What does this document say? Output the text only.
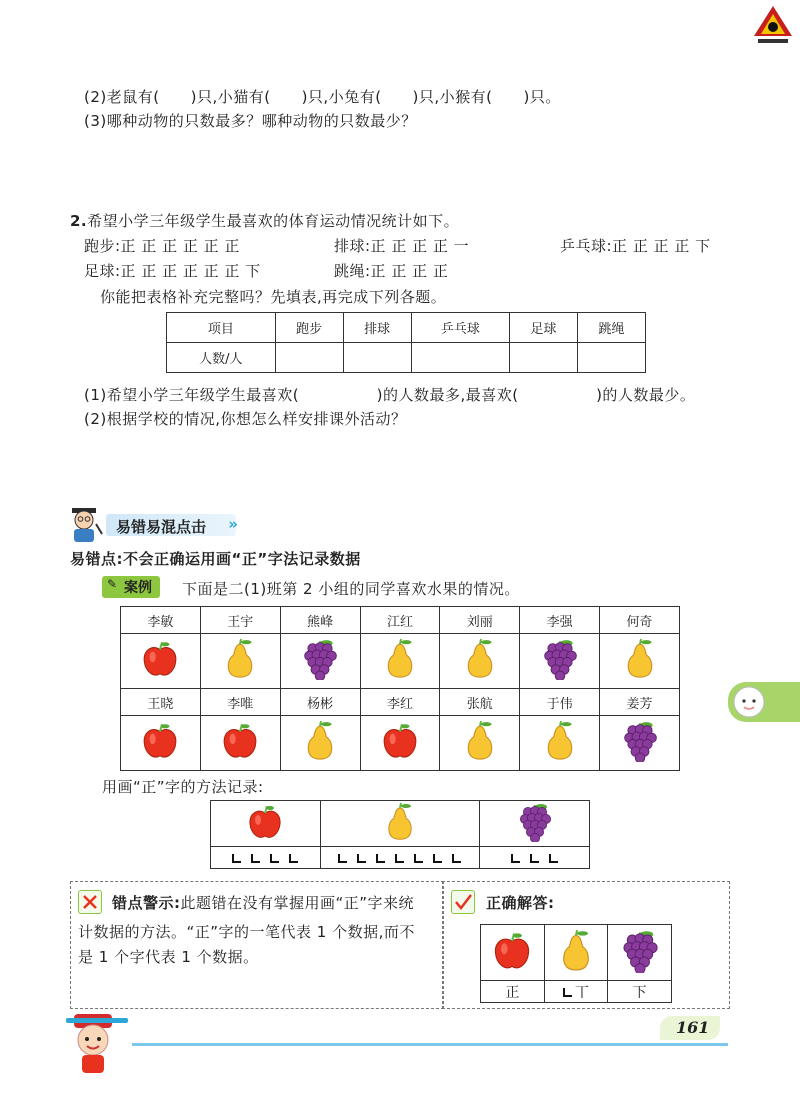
(2)老鼠有(　　)只,小猫有(　　)只,小兔有(　　)只,小猴有(　　)只。
(3)哪种动物的只数最多？哪种动物的只数最少？
2.希望小学三年级学生最喜欢的体育运动情况统计如下。
跑步:正 正 正 正 正 正	排球:正 正 正 正 一	乒乓球:正 正 正 正 下
足球:正 正 正 正 正 正 下	跳绳:正 正 正 正
你能把表格补充完整吗？先填表,再完成下列各题。
项目	跑步	排球	乒乓球	足球	跳绳
人数/人					
(1)希望小学三年级学生最喜欢(　　　　　)的人数最多,最喜欢(　　　　　)的人数最少。
(2)根据学校的情况,你想怎么样安排课外活动？
易错易混点击 »
易错点:不会正确运用画“正”字法记录数据
✎ 案例	下面是二(1)班第 2 小组的同学喜欢水果的情况。
李敏	王宇	熊峰	江红	刘丽	李强	何奇

王晓	李唯	杨彬	李红	张航	于伟	姜芳

用画“正”字的方法记录:

错点警示:此题错在没有掌握用画“正”字来统
计数据的方法。“正”字的一笔代表 1 个数据,而不
是 1 个字代表 1 个数据。
正确解答:

正	丅	下
161
